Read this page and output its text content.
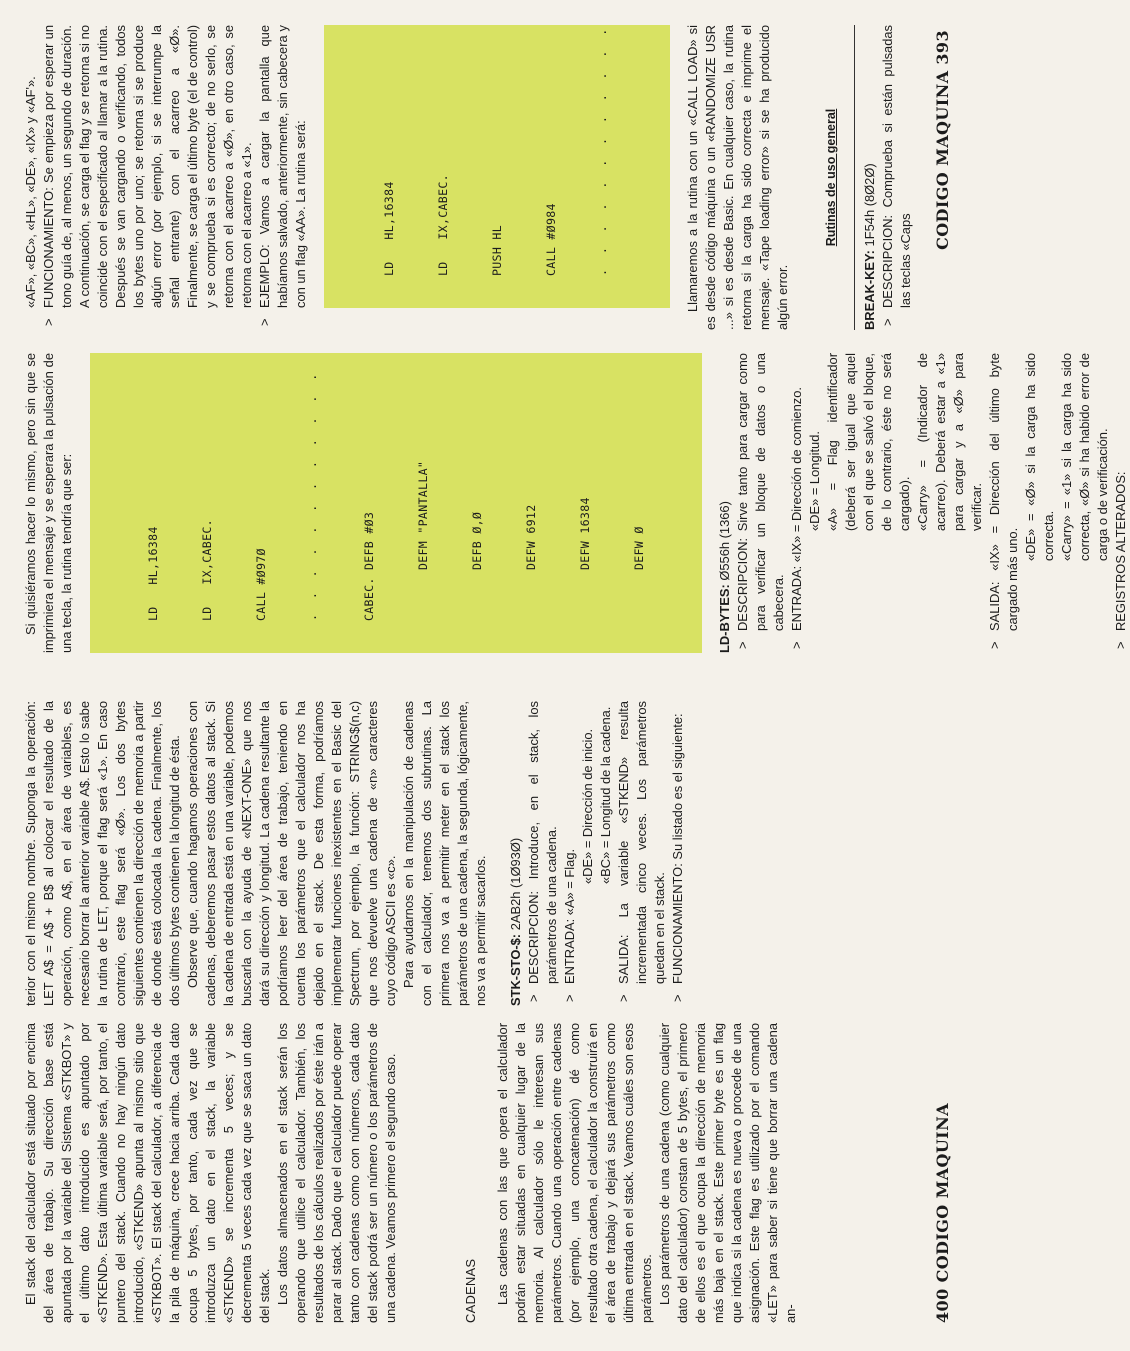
El stack del calculador está situado por encima del área de trabajo. Su dirección base está apuntada por la variable del Sistema «STKBOT» y el último dato introducido es apuntado por «STKEND». Esta última variable será, por tanto, el puntero del stack. Cuando no hay ningún dato introducido, «STKEND» apunta al mismo sitio que «STKBOT». El stack del calculador, a diferencia de la pila de máquina, crece hacia arriba. Cada dato ocupa 5 bytes, por tanto, cada vez que se introduzca un dato en el stack, la variable «STKEND» se incrementa 5 veces; y se decrementa 5 veces cada vez que se saca un dato del stack. Los datos almacenados en el stack serán los operando que utilice el calculador. También, los resultados de los cálculos realizados por éste irán a parar al stack. Dado que el calculador puede operar tanto con cadenas como con números, cada dato del stack podrá ser un número o los parámetros de una cadena. Veamos primero el segundo caso.	CADENAS Las cadenas con las que opera el calculador podrán estar situadas en cualquier lugar de la memoria. Al calculador sólo le interesan sus parámetros. Cuando una operación entre cadenas (por ejemplo, una concatenación) dé como resultado otra cadena, el calculador la construirá en el área de trabajo y dejará sus parámetros como última entrada en el stack. Veamos cuáles son esos parámetros. Los parámetros de una cadena (como cualquier dato del calculador) constan de 5 bytes, el primero de ellos es el que ocupa la dirección de memoria más baja en el stack. Este primer byte es un flag que indica si la cadena es nueva o procede de una asignación. Este flag es utilizado por el comando «LET» para saber si tiene que borrar una cadena an-

terior con el mismo nombre. Suponga la operación: LET A$ = A$ + B$ al colocar el resultado de la operación, como A$, en el área de variables, es necesario borrar la anterior variable A$. Esto lo sabe la rutina de LET, porque el flag será «1». En caso contrario, este flag será «Ø». Los dos bytes siguientes contienen la dirección de memoria a partir de donde está colocada la cadena. Finalmente, los dos últimos bytes contienen la longitud de ésta. Observe que, cuando hagamos operaciones con cadenas, deberemos pasar estos datos al stack. Si la cadena de entrada está en una variable, podemos buscarla con la ayuda de «NEXT-ONE» que nos dará su dirección y longitud. La cadena resultante la podríamos leer del área de trabajo, teniendo en cuenta los parámetros que el calculador nos ha dejado en el stack. De esta forma, podríamos implementar funciones inexistentes en el Basic del Spectrum, por ejemplo, la función: STRING$(n,c) que nos devuelve una cadena de «n» caracteres cuyo código ASCII es «c». Para ayudarnos en la manipulación de cadenas con el calculador, tenemos dos subrutinas. La primera nos va a permitir meter en el stack los parámetros de una cadena, la segunda, lógicamente, nos va a permitir sacarlos. STK-STO-$: 2AB2h (1Ø93Ø)

>
DESCRIPCION: Introduce, en el stack, los parámetros de una cadena.
>
ENTRADA: «A» = Flag. «DE» = Dirección de inicio. «BC» = Longitud de la cadena.
>
SALIDA: La variable «STKEND» resulta incrementada cinco veces. Los parámetros quedan en el stack.
>
FUNCIONAMIENTO: Su listado es el siguiente:
400 CODIGO MAQUINA

Si quisiéramos hacer lo mismo, pero sin que se imprimiera el mensaje y se esperara la pulsación de una tecla, la rutina tendría que ser:

	LD   HL,16384

	LD   IX,CABEC.

	CALL #Ø97Ø

	·  ·  ·  ·  ·  ·  ·  ·  ·  ·  ·  ·

	CABEC. DEFB #Ø3

	DEFM "PANTALLA"

	DEFB Ø,Ø

	DEFW 6912

	DEFW 16384

	DEFW Ø

	LD-BYTES: Ø556h (1366)

>
DESCRIPCION: Sirve tanto para cargar como para verificar un bloque de datos o una cabecera.
>
ENTRADA: «IX» = Dirección de comienzo. «DE» = Longitud. «A» = Flag identificador (deberá ser igual que aquel con el que se salvó el bloque, de lo contrario, éste no será cargado). «Carry» = (Indicador de acarreo). Deberá estar a «1» para cargar y a «Ø» para verificar.
>
SALIDA: «IX» = Dirección del último byte cargado más uno.
«DE» = «Ø» si la carga ha sido correcta. «Carry» = «1» si la carga ha sido correcta, «Ø» si ha habido error de carga o de verificación.
>
REGISTROS ALTERADOS:

«AF», «BC», «HL», «DE», «IX» y «AF'».

>
FUNCIONAMIENTO: Se empieza por esperar un tono guía de, al menos, un segundo de duración. A continuación, se carga el flag y se retorna si no coincide con el especificado al llamar a la rutina. Después se van cargando o verificando, todos los bytes uno por uno; se retorna si se produce algún error (por ejemplo, si se interrumpe la señal entrante) con el acarreo a «Ø». Finalmente, se carga el último byte (el de control) y se comprueba si es correcto; de no serlo, se retorna con el acarreo a «Ø», en otro caso, se retorna con el acarreo a «1».
>
EJEMPLO: Vamos a cargar la pantalla que habíamos salvado, anteriormente, sin cabecera y con un flag «AA». La rutina será:

	LD   HL,16384

	LD   IX,CABEC.

	PUSH HL

	CALL #Ø984

	·  ·  ·  ·  ·  ·  ·  ·  ·  ·  ·  ·

	Llamaremos a la rutina con un «CALL LOAD» si es desde código máquina o un «RANDOMIZE USR ...» si es desde Basic. En cualquier caso, la rutina retorna si la carga ha sido correcta e imprime el mensaje. «Tape loading error» si se ha producido algún error.

Rutinas de uso general

BREAK-KEY: 1F54h (8Ø2Ø)

>
DESCRIPCION: Comprueba si están pulsadas las teclas «Caps
CODIGO MAQUINA 393
